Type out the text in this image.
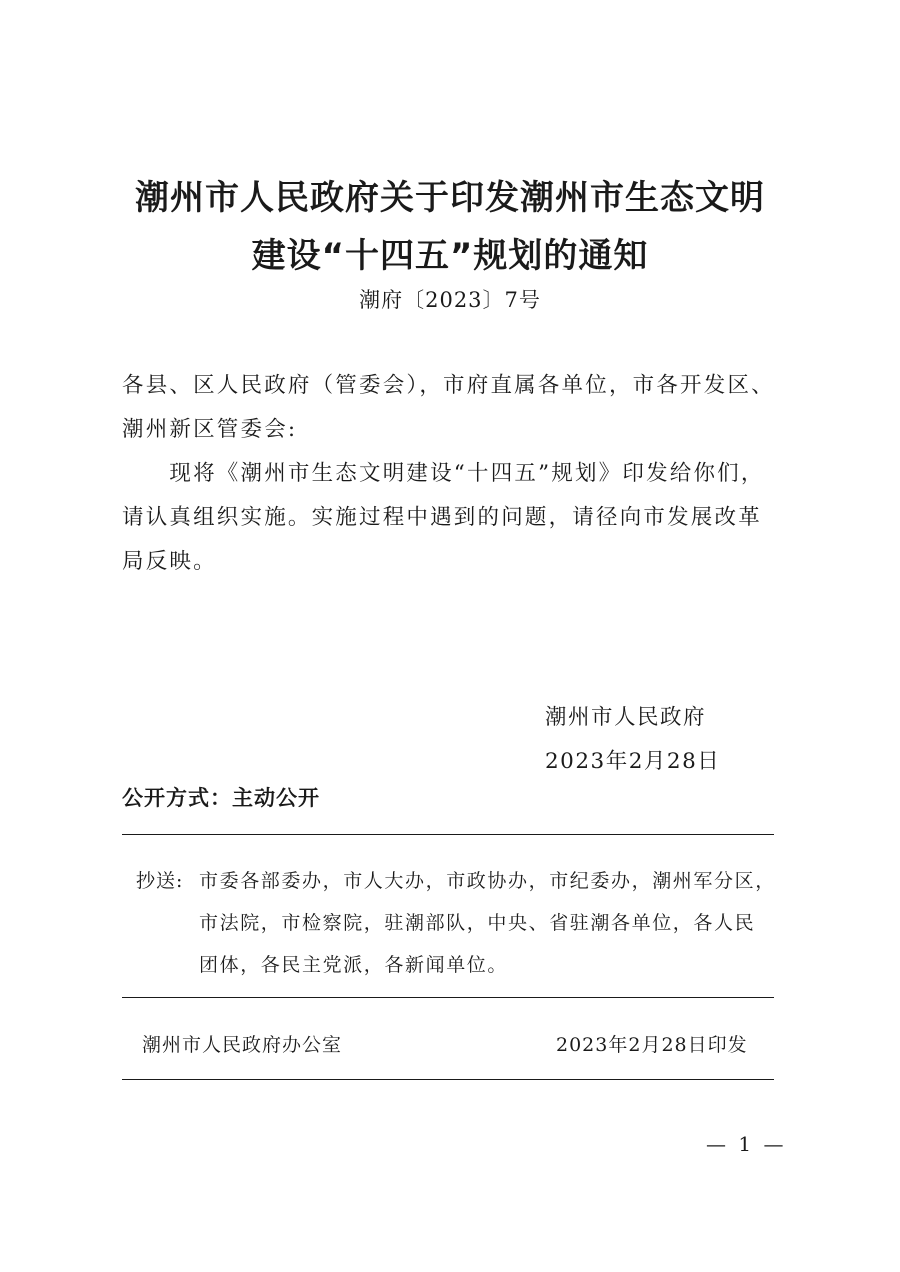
潮州市人民政府关于印发潮州市生态文明
建设“十四五”规划的通知
潮府〔2023〕7号
各县、区人民政府（管委会），市府直属各单位，市各开发区、
潮州新区管委会:
　　现将《潮州市生态文明建设“十四五”规划》印发给你们，
请认真组织实施。实施过程中遇到的问题，请径向市发展改革
局反映。
潮州市人民政府
2023年2月28日
公开方式：主动公开
抄送: 市委各部委办，市人大办，市政协办，市纪委办，潮州军分区，
市法院，市检察院，驻潮部队，中央、省驻潮各单位，各人民
团体，各民主党派，各新闻单位。
潮州市人民政府办公室	2023年2月28日印发
— 1 —
